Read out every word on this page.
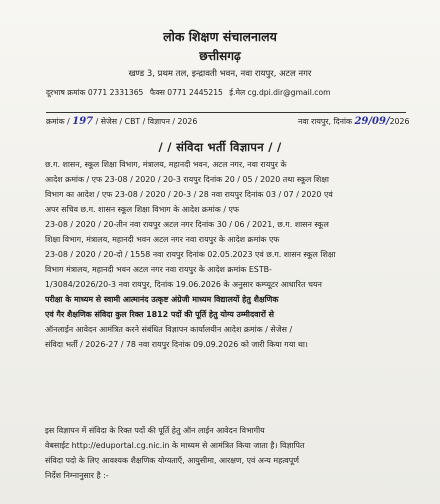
लोक शिक्षण संचालनालय
छत्तीसगढ़
खण्ड 3, प्रथम तल, इन्द्रावती भवन, नवा रायपुर, अटल नगर
दूरभाष क्रमांक 0771 2331365 फैक्स 0771 2445215 ई.मेल cg.dpi.dir@gmail.com
क्रमांक / 197 / सेजेस / CBT / विज्ञापन / 2026	नवा रायपुर, दिनांक 29/09/2026
/ / संविदा भर्ती विज्ञापन / /
छ.ग. शासन, स्कूल शिक्षा विभाग, मंत्रालय, महानदी भवन, अटल नगर, नवा रायपुर के
आदेश क्रमांक / एफ 23-08 / 2020 / 20-3 रायपुर दिनांक 20 / 05 / 2020 तथा स्कूल शिक्षा
विभाग का आदेश / एफ 23-08 / 2020 / 20-3 / 28 नवा रायपुर दिनांक 03 / 07 / 2020 एवं
अपर सचिव छ.ग. शासन स्कूल शिक्षा विभाग के आदेश क्रमांक / एफ
23-08 / 2020 / 20-तीन नवा रायपुर अटल नगर दिनांक 30 / 06 / 2021, छ.ग. शासन स्कूल
शिक्षा विभाग, मंत्रालय, महानदी भवन अटल नगर नवा रायपुर के आदेश क्रमांक एफ
23-08 / 2020 / 20-दो / 1558 नवा रायपुर दिनांक 02.05.2023 एवं छ.ग. शासन स्कूल शिक्षा
विभाग मंत्रालय, महानदी भवन अटल नगर नवा रायपुर के आदेश क्रमांक ESTB-
1/3084/2026/20-3 नवा रायपुर, दिनांक 19.06.2026 के अनुसार कम्प्यूटर आधारित चयन
परीक्षा के माध्यम से स्वामी आत्मानंद उत्कृष्ट अंग्रेजी माध्यम विद्यालयों हेतु शैक्षणिक
एवं गैर शैक्षणिक संविदा कुल रिक्त 1812 पदों की पूर्ति हेतु योग्य उम्मीदवारों से
ऑनलाईन आवेदन आमंत्रित करने संबंधित विज्ञापन कार्यालयीन आदेश क्रमांक / सेजेस /
संविदा भर्ती / 2026-27 / 78 नवा रायपुर दिनांक 09.09.2026 को जारी किया गया था।
इस विज्ञापन में संविदा के रिक्त पदों की पूर्ति हेतु ऑन लाईन आवेदन विभागीय
वेबसाईट http://eduportal.cg.nic.in के माध्यम से आमंत्रित किया जाता है। विज्ञापित
संविदा पदो के लिए आवश्यक शैक्षणिक योग्यताएँ, आयुसीमा, आरक्षण, एवं अन्य महत्वपूर्ण
निर्देश निम्नानुसार है :-
